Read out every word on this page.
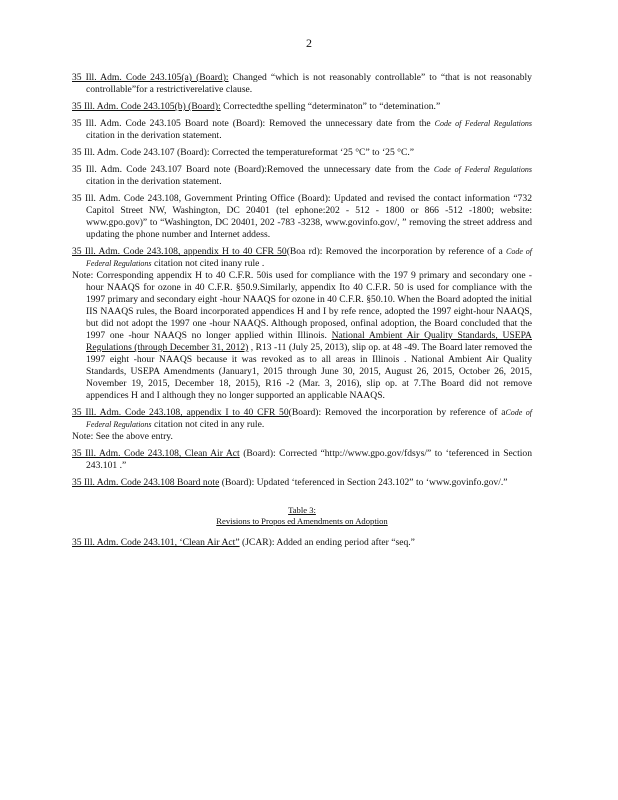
2
35 Ill. Adm. Code 243.105(a) (Board): Changed “which is not reasonably controllable” to “that is not reasonably controllable”for a restrictiverelative clause.
35 Ill. Adm. Code 243.105(b) (Board): Correctedthe spelling “determinaton” to “detemination.”
35 Ill. Adm. Code 243.105 Board note (Board): Removed the unnecessary date from the Code of Federal Regulations citation in the derivation statement.
35 Ill. Adm. Code 243.107 (Board): Corrected the temperatureformat ‘25 °C” to ‘25 °C.”
35 Ill. Adm. Code 243.107 Board note (Board):Removed the unnecessary date from the Code of Federal Regulations citation in the derivation statement.
35 Ill. Adm. Code 243.108, Government Printing Office (Board): Updated and revised the contact information “732 Capitol Street NW, Washington, DC 20401 (tel ephone:202 - 512 - 1800 or 866 -512 -1800; website: www.gpo.gov)” to “Washington, DC 20401, 202 -783 -3238, www.govinfo.gov/, ” removing the street address and updating the phone number and Internet addess.
35 Ill. Adm. Code 243.108, appendix H to 40 CFR 50(Boa rd): Removed the incorporation by reference of a Code of Federal Regulations citation not cited inany rule .
Note: Corresponding appendix H to 40 C.F.R. 50is used for compliance with the 197 9 primary and secondary one - hour NAAQS for ozone in 40 C.F.R. §50.9.Similarly, appendix Ito 40 C.F.R. 50 is used for compliance with the 1997 primary and secondary eight -hour NAAQS for ozone in 40 C.F.R. §50.10. When the Board adopted the initial IIS NAAQS rules, the Board incorporated appendices H and I by refe rence, adopted the 1997 eight-hour NAAQS, but did not adopt the 1997 one -hour NAAQS. Although proposed, onfinal adoption, the Board concluded that the 1997 one -hour NAAQS no longer applied within Illinois. National Ambient Air Quality Standards, USEPA Regulations (through December 31, 2012) , R13 -11 (July 25, 2013), slip op. at 48 -49. The Board later removed the 1997 eight -hour NAAQS because it was revoked as to all areas in Illinois . National Ambient Air Quality Standards, USEPA Amendments (January1, 2015 through June 30, 2015, August 26, 2015, October 26, 2015, November 19, 2015, December 18, 2015), R16 -2 (Mar. 3, 2016), slip op. at 7.The Board did not remove appendices H and I although they no longer supported an applicable NAAQS.
35 Ill. Adm. Code 243.108, appendix I to 40 CFR 50(Board): Removed the incorporation by reference of aCode of Federal Regulations citation not cited in any rule.
Note: See the above entry.
35 Ill. Adm. Code 243.108, Clean Air Act (Board): Corrected “http://www.gpo.gov/fdsys/” to ‘teferenced in Section 243.101 .”
35 Ill. Adm. Code 243.108 Board note (Board): Updated ‘teferenced in Section 243.102” to ‘www.govinfo.gov/.”
Table 3:
Revisions to Propos ed Amendments on Adoption
35 Ill. Adm. Code 243.101, ‘Clean Air Act” (JCAR): Added an ending period after “seq.”
